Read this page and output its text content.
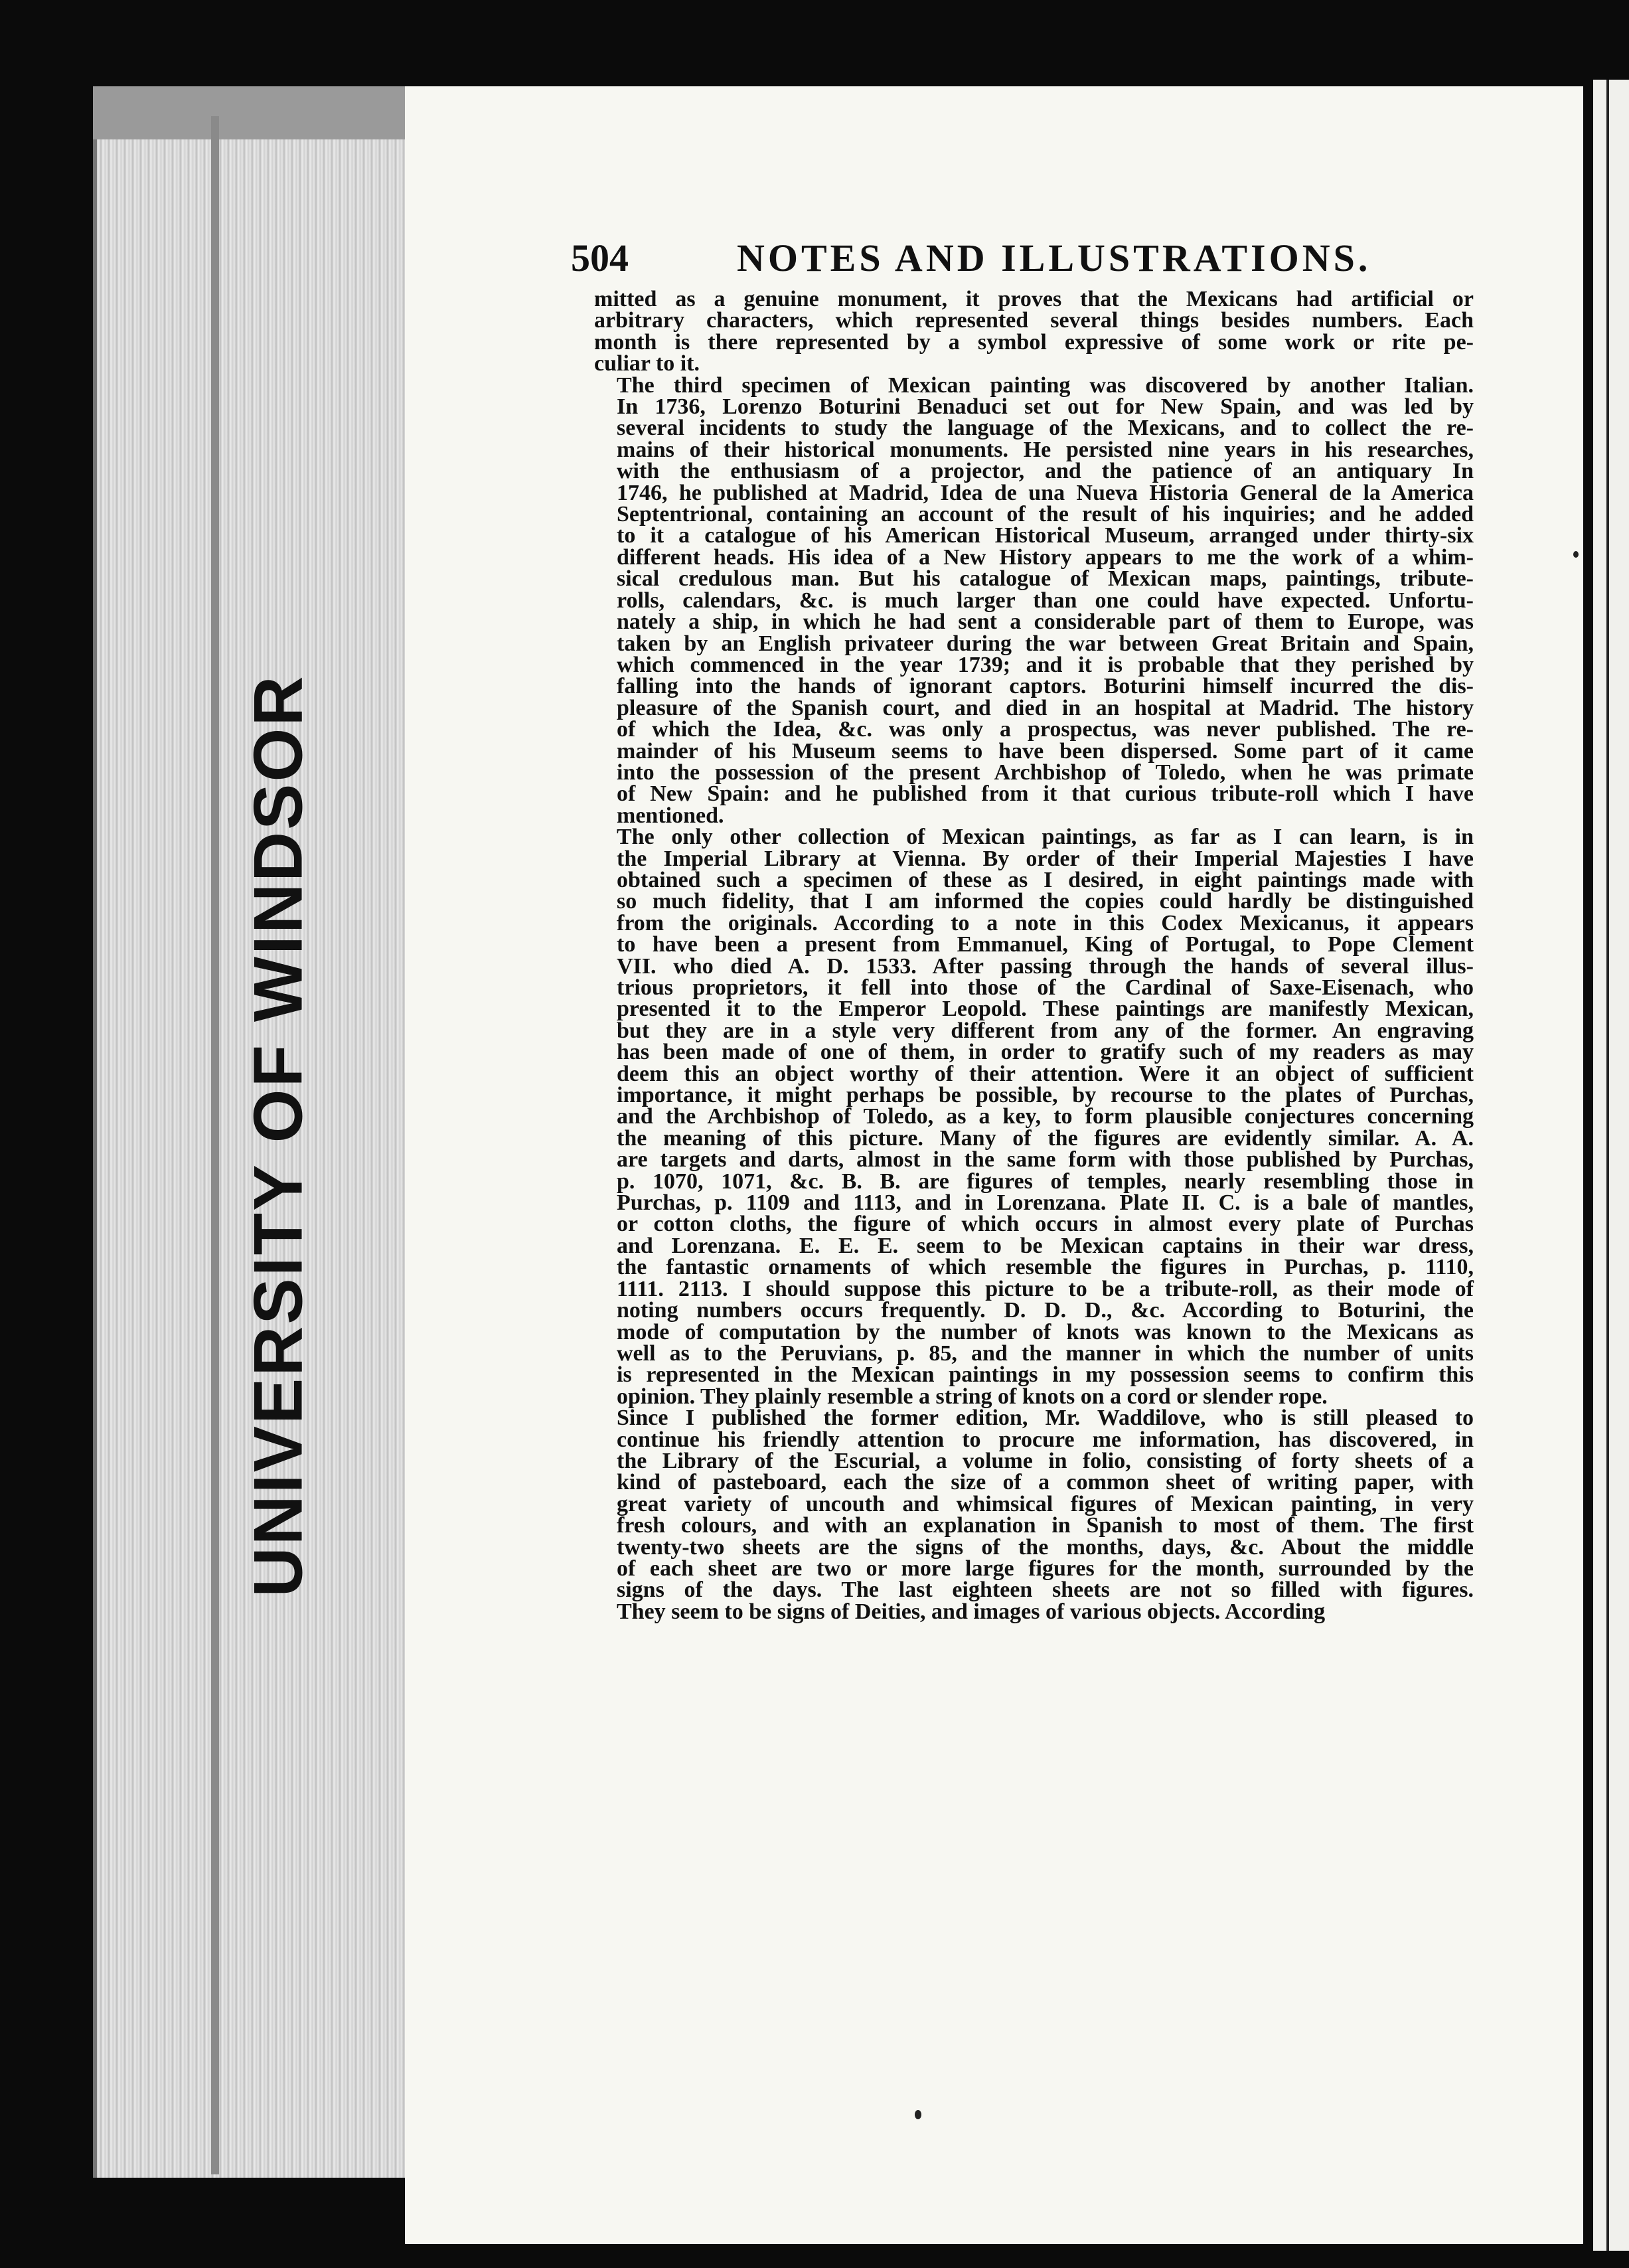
UNIVERSITY OF WINDSOR
504	NOTES AND ILLUSTRATIONS.

mitted as a genuine monument, it proves that the Mexicans had artificial or
arbitrary characters, which represented several things besides numbers. Each
month is there represented by a symbol expressive of some work or rite pe-
culiar to it.

The third specimen of Mexican painting was discovered by another Italian.
In 1736, Lorenzo Boturini Benaduci set out for New Spain, and was led by
several incidents to study the language of the Mexicans, and to collect the re-
mains of their historical monuments. He persisted nine years in his researches,
with the enthusiasm of a projector, and the patience of an antiquary In
1746, he published at Madrid, Idea de una Nueva Historia General de la America
Septentrional, containing an account of the result of his inquiries; and he added
to it a catalogue of his American Historical Museum, arranged under thirty-six
different heads. His idea of a New History appears to me the work of a whim-
sical credulous man. But his catalogue of Mexican maps, paintings, tribute-
rolls, calendars, &c. is much larger than one could have expected. Unfortu-
nately a ship, in which he had sent a considerable part of them to Europe, was
taken by an English privateer during the war between Great Britain and Spain,
which commenced in the year 1739; and it is probable that they perished by
falling into the hands of ignorant captors. Boturini himself incurred the dis-
pleasure of the Spanish court, and died in an hospital at Madrid. The history
of which the Idea, &c. was only a prospectus, was never published. The re-
mainder of his Museum seems to have been dispersed. Some part of it came
into the possession of the present Archbishop of Toledo, when he was primate
of New Spain: and he published from it that curious tribute-roll which I have
mentioned.

The only other collection of Mexican paintings, as far as I can learn, is in
the Imperial Library at Vienna. By order of their Imperial Majesties I have
obtained such a specimen of these as I desired, in eight paintings made with
so much fidelity, that I am informed the copies could hardly be distinguished
from the originals. According to a note in this Codex Mexicanus, it appears
to have been a present from Emmanuel, King of Portugal, to Pope Clement
VII. who died A. D. 1533. After passing through the hands of several illus-
trious proprietors, it fell into those of the Cardinal of Saxe-Eisenach, who
presented it to the Emperor Leopold. These paintings are manifestly Mexican,
but they are in a style very different from any of the former. An engraving
has been made of one of them, in order to gratify such of my readers as may
deem this an object worthy of their attention. Were it an object of sufficient
importance, it might perhaps be possible, by recourse to the plates of Purchas,
and the Archbishop of Toledo, as a key, to form plausible conjectures concerning
the meaning of this picture. Many of the figures are evidently similar. A. A.
are targets and darts, almost in the same form with those published by Purchas,
p. 1070, 1071, &c. B. B. are figures of temples, nearly resembling those in
Purchas, p. 1109 and 1113, and in Lorenzana. Plate II. C. is a bale of mantles,
or cotton cloths, the figure of which occurs in almost every plate of Purchas
and Lorenzana. E. E. E. seem to be Mexican captains in their war dress,
the fantastic ornaments of which resemble the figures in Purchas, p. 1110,
1111. 2113. I should suppose this picture to be a tribute-roll, as their mode of
noting numbers occurs frequently. D. D. D., &c. According to Boturini, the
mode of computation by the number of knots was known to the Mexicans as
well as to the Peruvians, p. 85, and the manner in which the number of units
is represented in the Mexican paintings in my possession seems to confirm this
opinion. They plainly resemble a string of knots on a cord or slender rope.

Since I published the former edition, Mr. Waddilove, who is still pleased to
continue his friendly attention to procure me information, has discovered, in
the Library of the Escurial, a volume in folio, consisting of forty sheets of a
kind of pasteboard, each the size of a common sheet of writing paper, with
great variety of uncouth and whimsical figures of Mexican painting, in very
fresh colours, and with an explanation in Spanish to most of them. The first
twenty-two sheets are the signs of the months, days, &c. About the middle
of each sheet are two or more large figures for the month, surrounded by the
signs of the days. The last eighteen sheets are not so filled with figures.
They seem to be signs of Deities, and images of various objects. According
